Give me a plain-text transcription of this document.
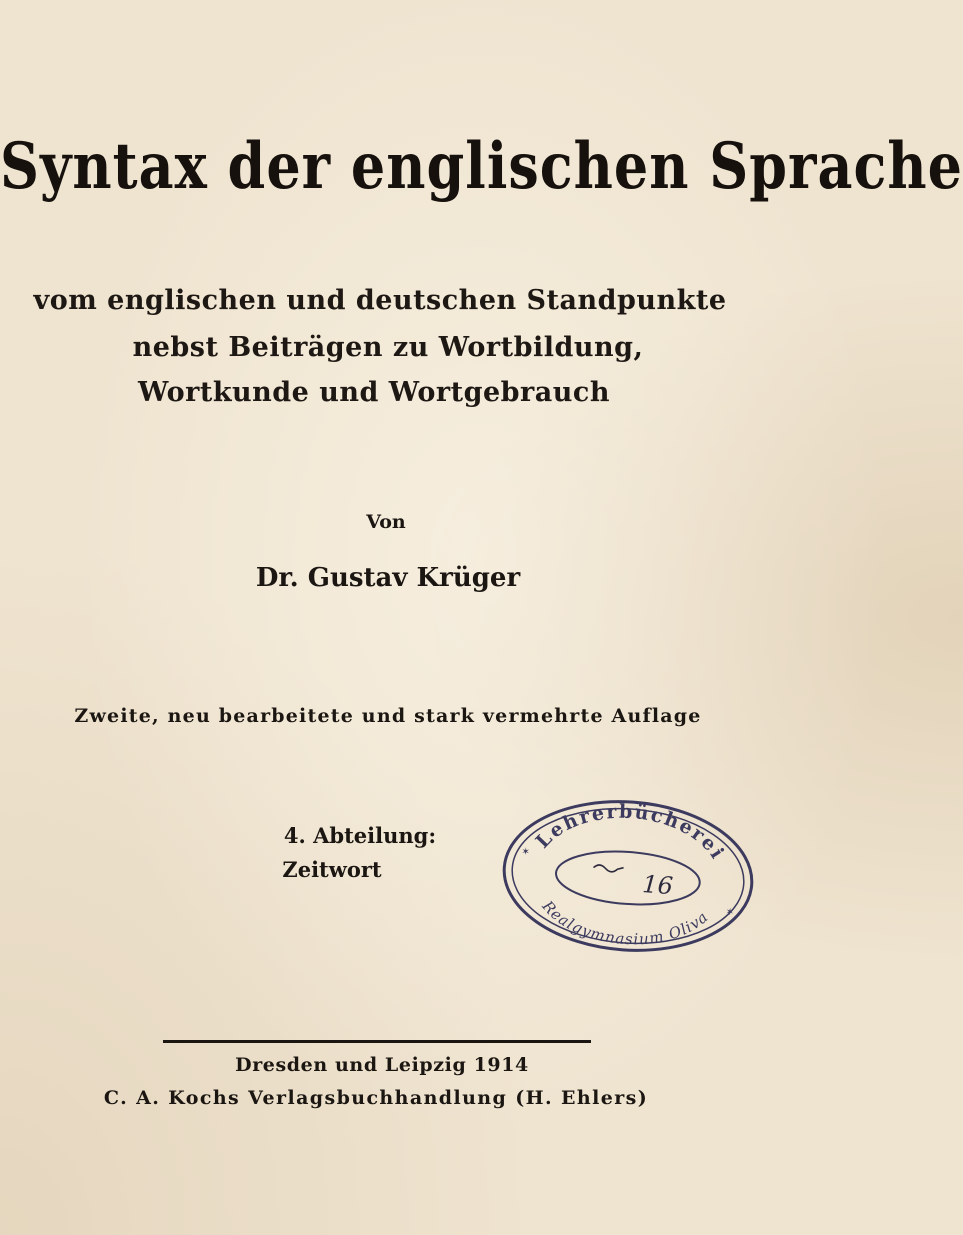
Syntax der englischen Sprache
vom englischen und deutschen Standpunkte
nebst Beiträgen zu Wortbildung,
Wortkunde und Wortgebrauch
Von
Dr. Gustav Krüger
Zweite, neu bearbeitete und stark vermehrte Auflage
4. Abteilung:
Zeitwort
Lehrerbücherei
Realgymnasium Oliva
✶
✶
16
Dresden und Leipzig 1914
C. A. Kochs Verlagsbuchhandlung (H. Ehlers)
